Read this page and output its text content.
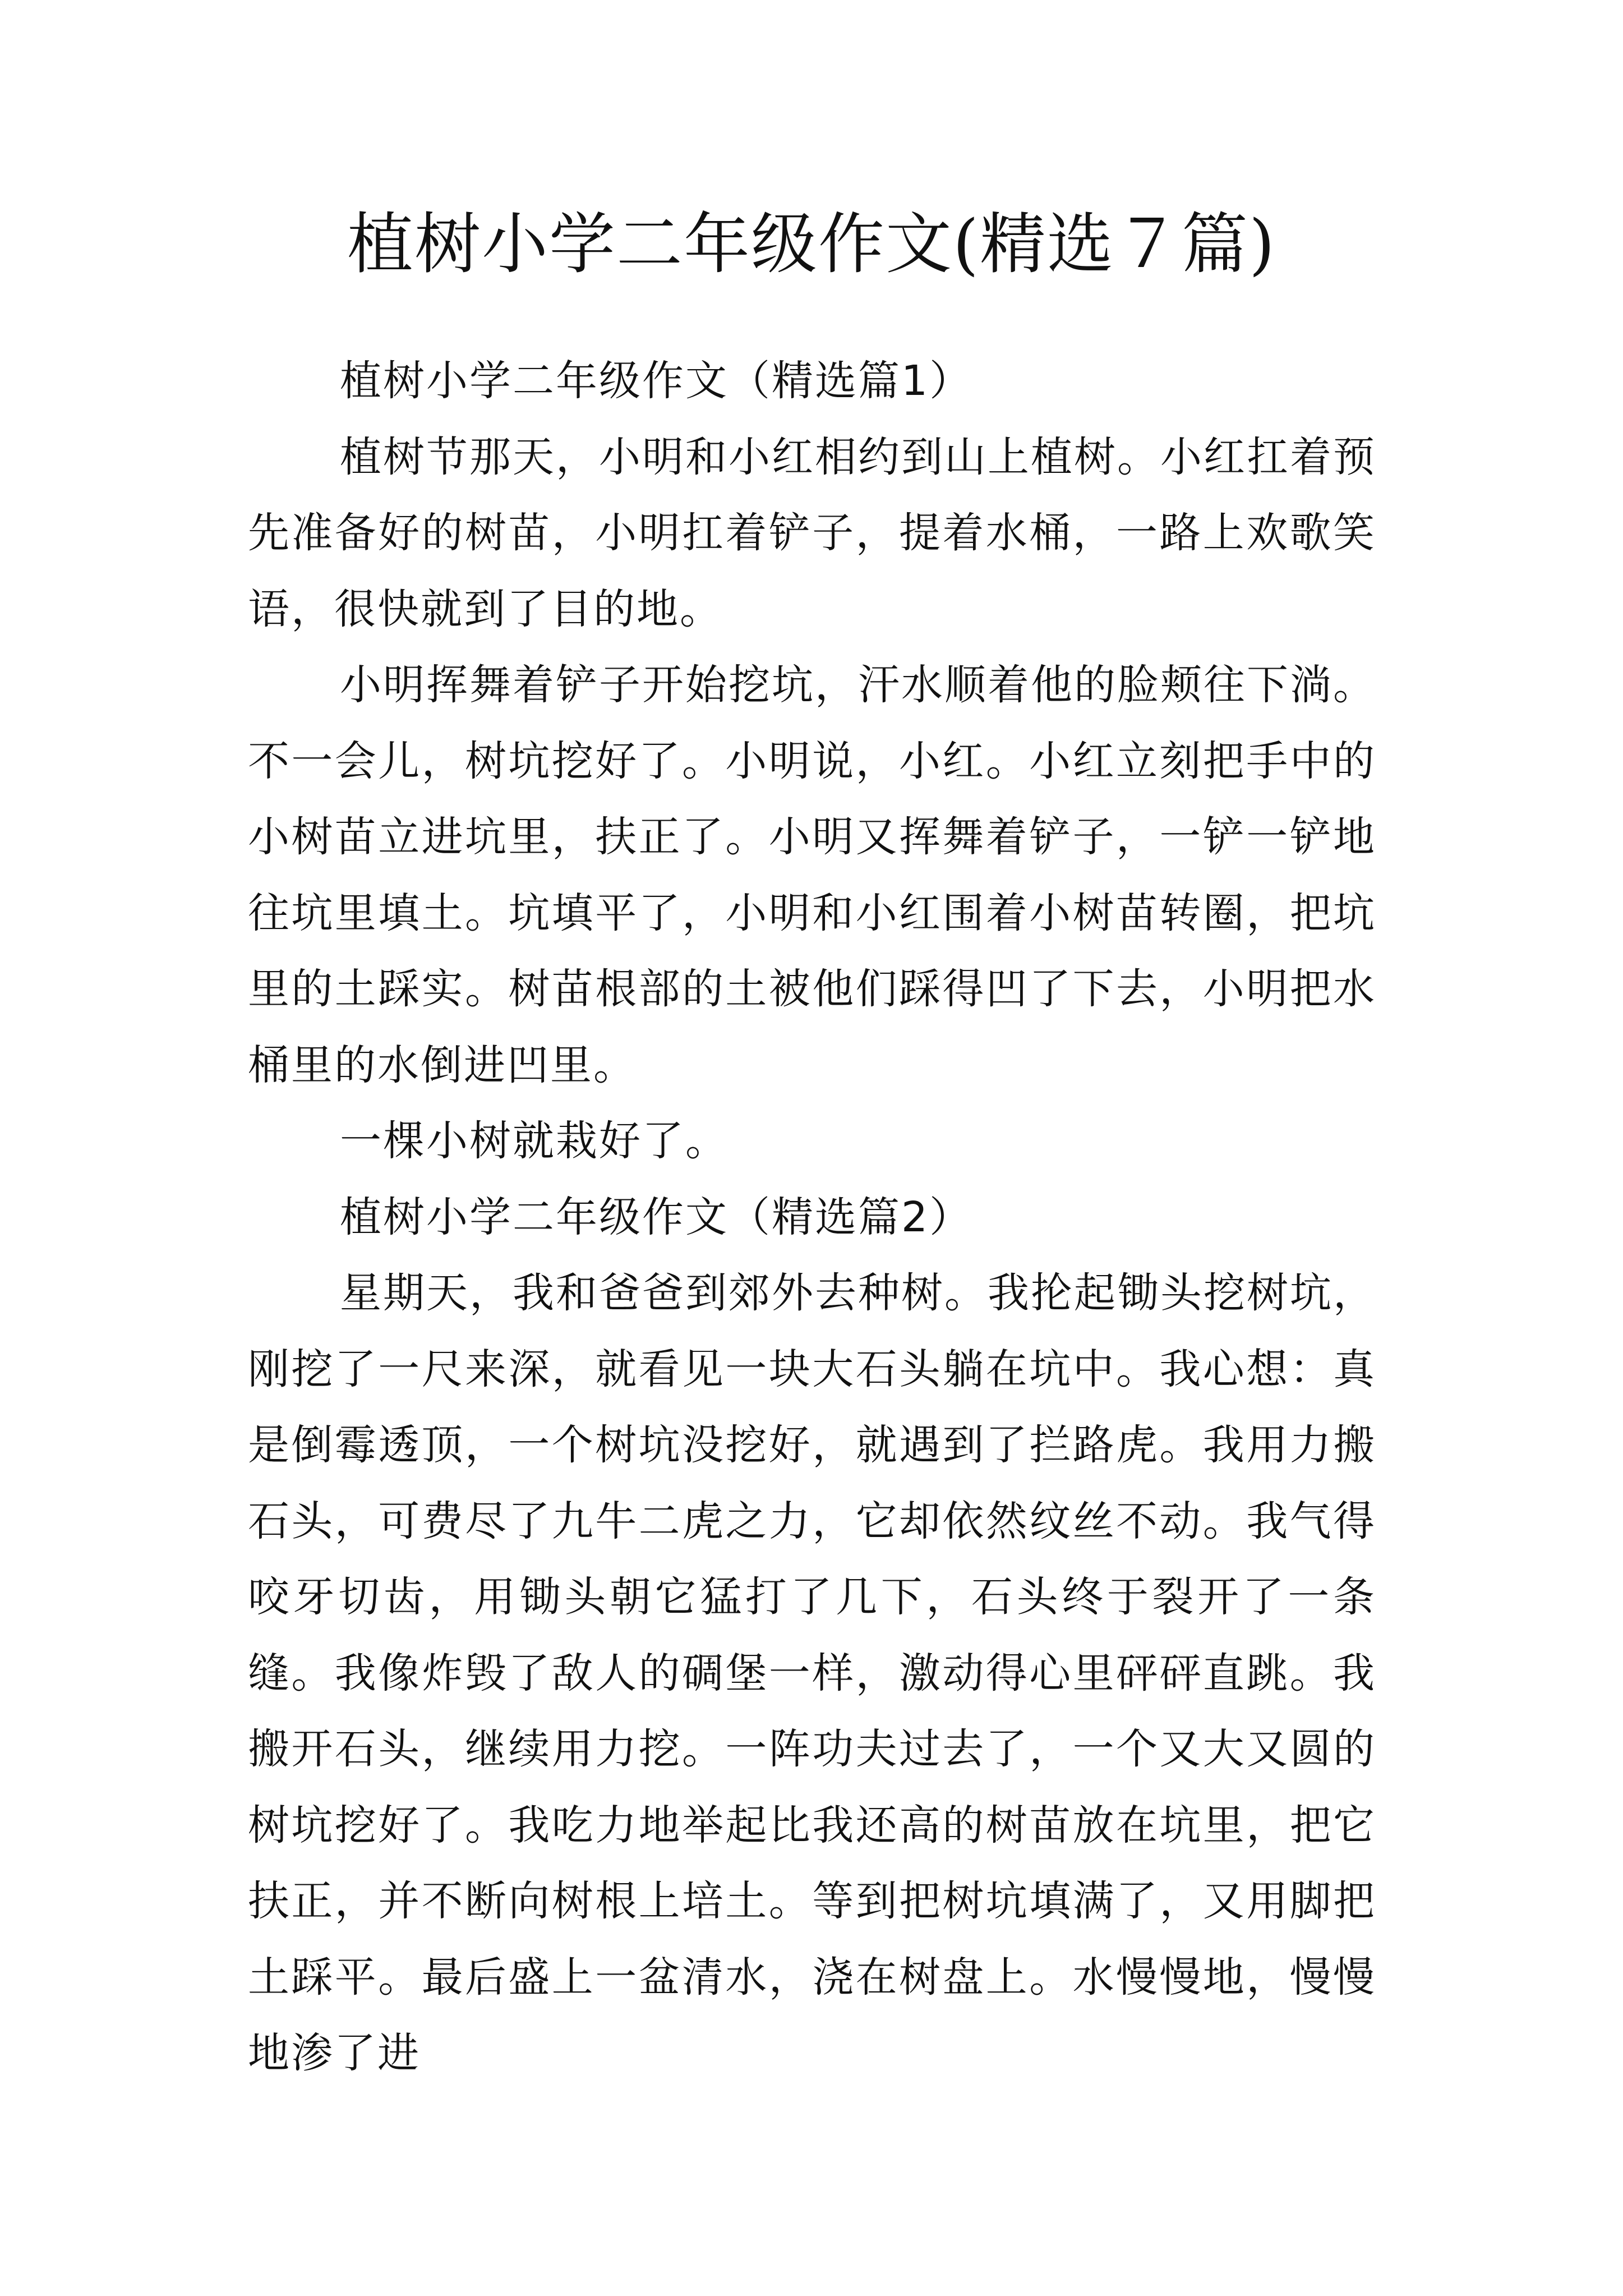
植树小学二年级作文(精选７篇)

植树小学二年级作文（精选篇1）

植树节那天，小明和小红相约到山上植树。小红扛着预先准备好的树苗，小明扛着铲子，提着水桶，一路上欢歌笑语，很快就到了目的地。

小明挥舞着铲子开始挖坑，汗水顺着他的脸颊往下淌。不一会儿，树坑挖好了。小明说，小红。小红立刻把手中的小树苗立进坑里，扶正了。小明又挥舞着铲子，一铲一铲地往坑里填土。坑填平了，小明和小红围着小树苗转圈，把坑里的土踩实。树苗根部的土被他们踩得凹了下去，小明把水桶里的水倒进凹里。

一棵小树就栽好了。

植树小学二年级作文（精选篇2）

星期天，我和爸爸到郊外去种树。我抡起锄头挖树坑，刚挖了一尺来深，就看见一块大石头躺在坑中。我心想：真是倒霉透顶，一个树坑没挖好，就遇到了拦路虎。我用力搬石头，可费尽了九牛二虎之力，它却依然纹丝不动。我气得咬牙切齿，用锄头朝它猛打了几下，石头终于裂开了一条缝。我像炸毁了敌人的碉堡一样，激动得心里砰砰直跳。我搬开石头，继续用力挖。一阵功夫过去了，一个又大又圆的树坑挖好了。我吃力地举起比我还高的树苗放在坑里，把它扶正，并不断向树根上培土。等到把树坑填满了，又用脚把土踩平。最后盛上一盆清水，浇在树盘上。水慢慢地，慢慢地渗了进
